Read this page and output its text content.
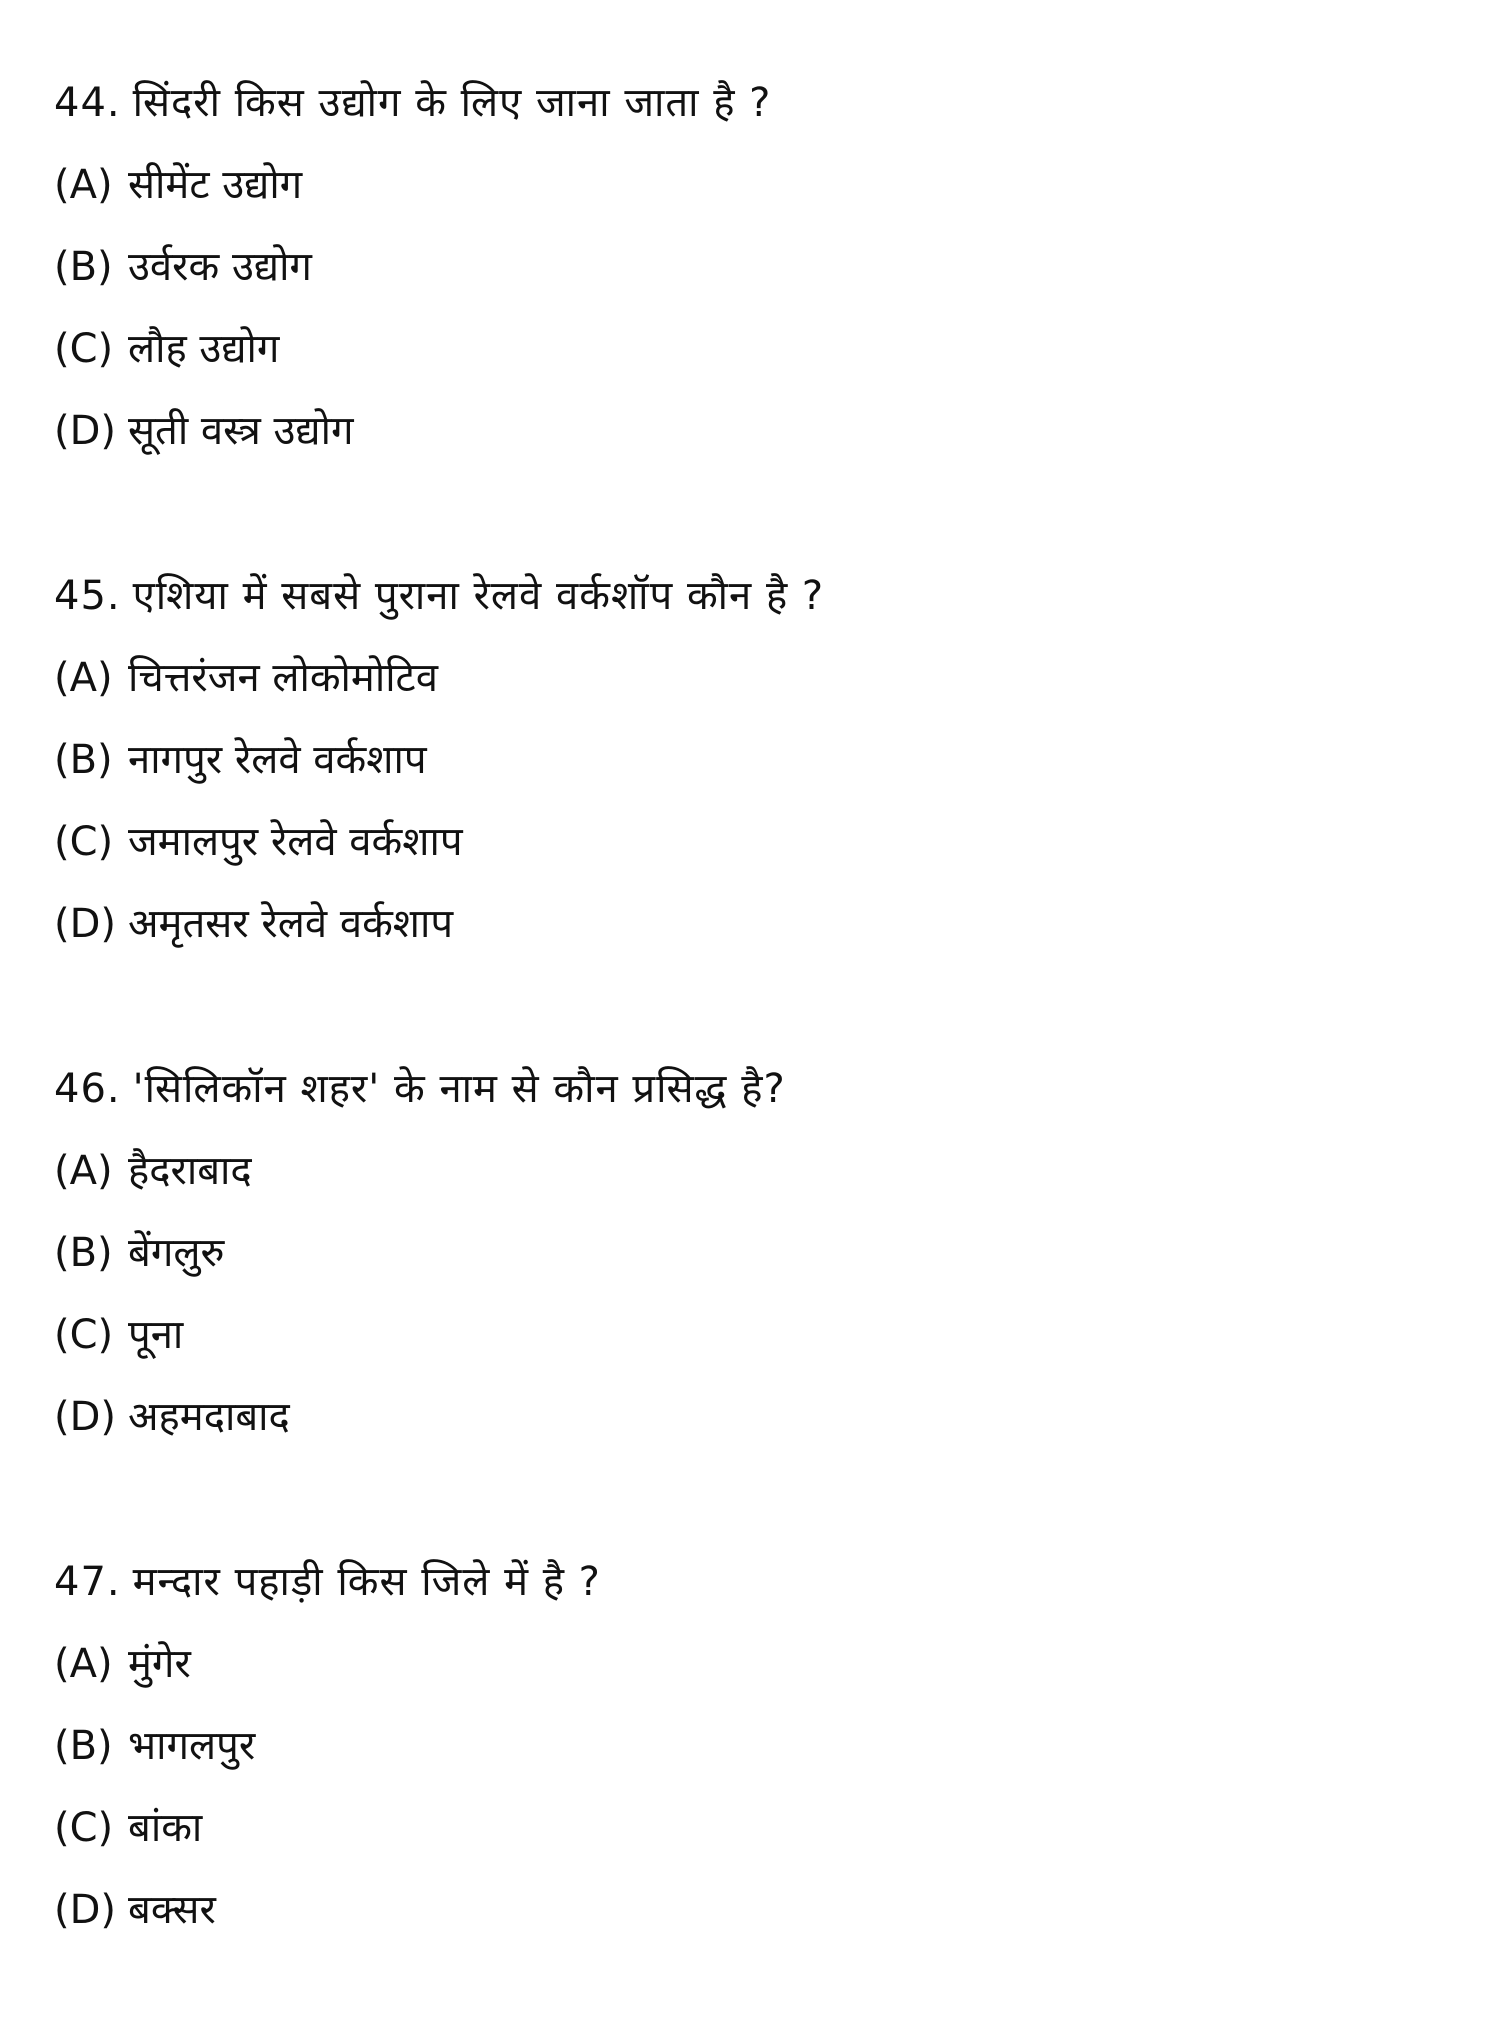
44. सिंदरी किस उद्योग के लिए जाना जाता है ?
(A) सीमेंट उद्योग
(B) उर्वरक उद्योग
(C) लौह उद्योग
(D) सूती वस्त्र उद्योग
45. एशिया में सबसे पुराना रेलवे वर्कशॉप कौन है ?
(A) चित्तरंजन लोकोमोटिव
(B) नागपुर रेलवे वर्कशाप
(C) जमालपुर रेलवे वर्कशाप
(D) अमृतसर रेलवे वर्कशाप
46. 'सिलिकॉन शहर' के नाम से कौन प्रसिद्ध है?
(A) हैदराबाद
(B) बेंगलुरु
(C) पूना
(D) अहमदाबाद
47. मन्दार पहाड़ी किस जिले में है ?
(A) मुंगेर
(B) भागलपुर
(C) बांका
(D) बक्सर
